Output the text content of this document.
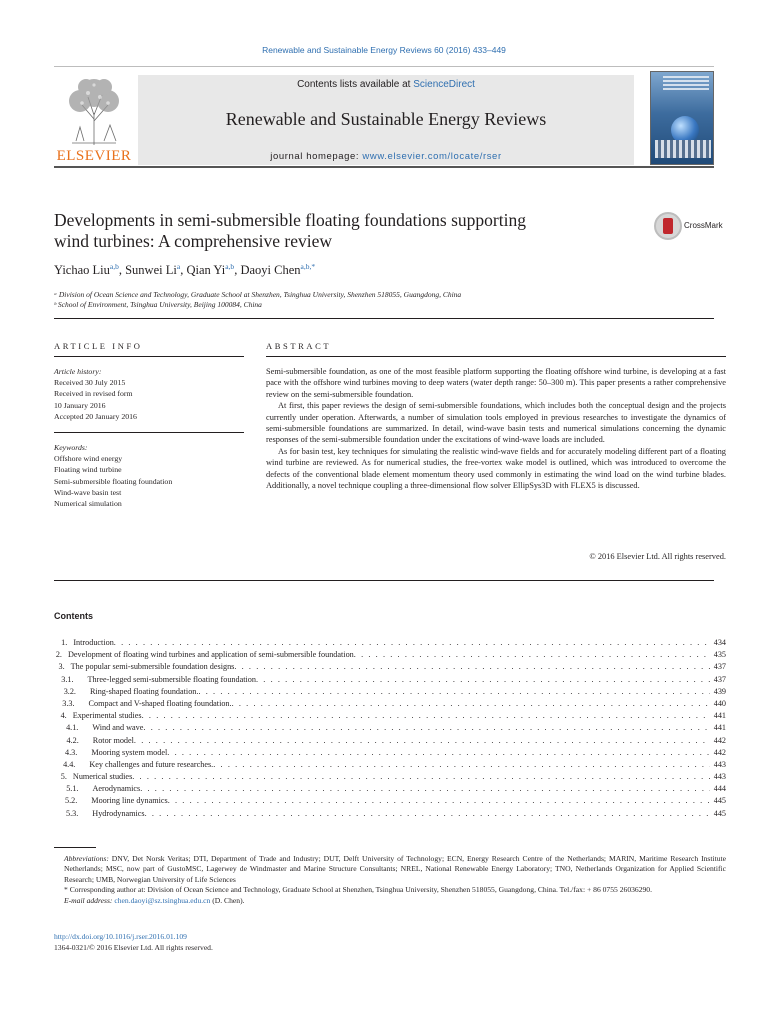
Renewable and Sustainable Energy Reviews 60 (2016) 433–449
ELSEVIER
Contents lists available at ScienceDirect
Renewable and Sustainable Energy Reviews
journal homepage: www.elsevier.com/locate/rser
Developments in semi-submersible floating foundations supporting
wind turbines: A comprehensive review
CrossMark
Yichao Liu$^{a,b}$, Sunwei Li$^a$, Qian Yi$^{a,b}$, Daoyi Chen$^{a,b,*}$
ᵃ Division of Ocean Science and Technology, Graduate School at Shenzhen, Tsinghua University, Shenzhen 518055, Guangdong, China
ᵇ School of Environment, Tsinghua University, Beijing 100084, China
ARTICLE INFO	ABSTRACT
Article history:
Received 30 July 2015
Received in revised form
10 January 2016
Accepted 20 January 2016
Keywords:
Offshore wind energy
Floating wind turbine
Semi-submersible floating foundation
Wind-wave basin test
Numerical simulation

Semi-submersible foundation, as one of the most feasible platform supporting the floating offshore wind turbine, is developing at a fast pace with the offshore wind turbines moving to deep waters (water depth range: 50–300 m). This paper presents a rather comprehensive review on the semi-submersible foundation.

At first, this paper reviews the design of semi-submersible foundations, which includes both the conceptual design and the projects currently under operation. Afterwards, a number of simulation tools employed in previous researches to investigate the dynamics of semi-submersible foundations are summarized. In detail, wind-wave basin tests and numerical simulations concerning the dynamic responses of the semi-submersible foundation under the excitations of wind-wave loads are included.

As for basin test, key techniques for simulating the realistic wind-wave fields and for accurately modeling different part of a floating wind turbine are reviewed. As for numerical studies, the free-vortex wake model is outlined, which was introduced to overcome the defects of the conventional blade element momentum theory used commonly in estimating the wind load on the wind turbine blades. Additionally, a novel technique coupling a three-dimensional flow solver EllipSys3D with FLEX5 is discussed.

© 2016 Elsevier Ltd. All rights reserved.
Contents
1. Introduction . . .	434
2. Development of floating wind turbines and application of semi-submersible foundation . . .	435
3. The popular semi-submersible foundation designs . . .	437
3.1.	Three-legged semi-submersible floating foundation . . .	437
3.2.	Ring-shaped floating foundation. . . .	439
3.3.	Compact and V-shaped floating foundation. . . .	440
4. Experimental studies . . .	441
4.1.	Wind and wave . . .	441
4.2.	Rotor model . . .	442
4.3.	Mooring system model . . .	442
4.4.	Key challenges and future researches. . . .	443
5. Numerical studies . . .	443
5.1.	Aerodynamics . . .	444
5.2.	Mooring line dynamics . . .	445
5.3.	Hydrodynamics . . .	445
Abbreviations: DNV, Det Norsk Veritas; DTI, Department of Trade and Industry; DUT, Delft University of Technology; ECN, Energy Research Centre of the Netherlands; MARIN, Maritime Research Institute Netherlands; MSC, now part of GustoMSC, Lagerwey de Windmaster and Marine Structure Consultants; NREL, National Renewable Energy Laboratory; TNO, Netherlands Organization for Applied Scientific Research; UMB, Norwegian University of Life Sciences
* Corresponding author at: Division of Ocean Science and Technology, Graduate School at Shenzhen, Tsinghua University, Shenzhen 518055, Guangdong, China. Tel./fax: + 86 0755 26036290.
E-mail address: chen.daoyi@sz.tsinghua.edu.cn (D. Chen).
http://dx.doi.org/10.1016/j.rser.2016.01.109
1364-0321/© 2016 Elsevier Ltd. All rights reserved.
